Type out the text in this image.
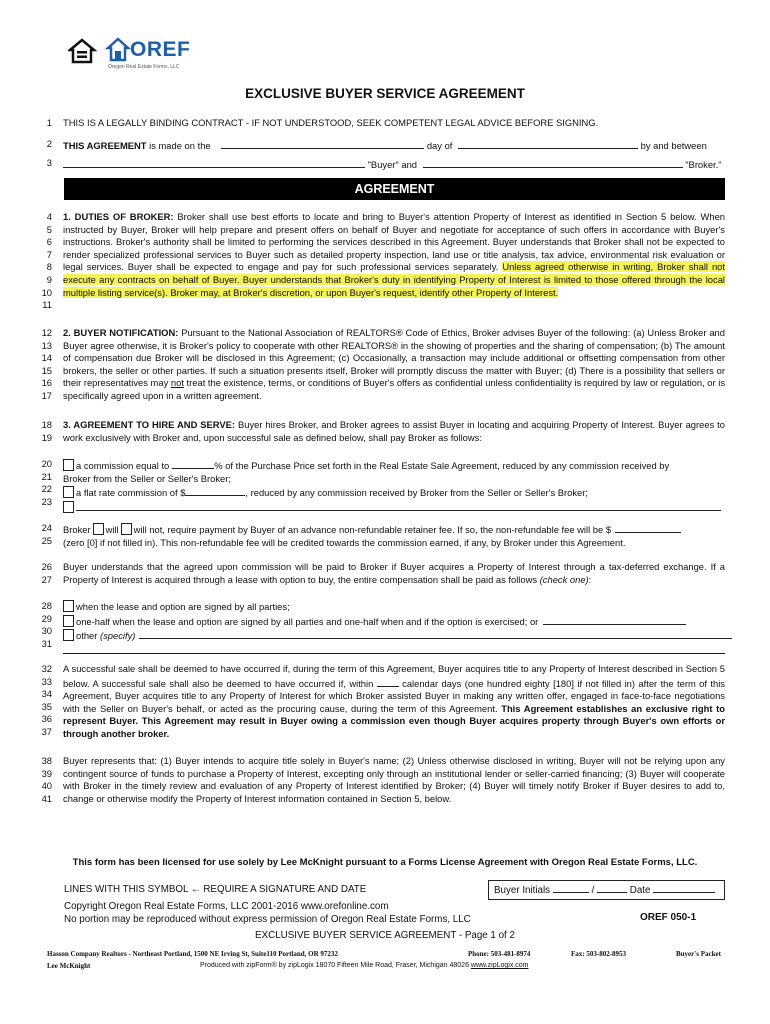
OREF
Oregon Real Estate Forms, LLC
EXCLUSIVE BUYER SERVICE AGREEMENT
1 THIS IS A LEGALLY BINDING CONTRACT - IF NOT UNDERSTOOD, SEEK COMPETENT LEGAL ADVICE BEFORE SIGNING.
2 THIS AGREEMENT is made on the	day of	by and between
3	"Buyer" and	"Broker."
AGREEMENT
4
5
6
7
8
9
10
11
1. DUTIES OF BROKER: Broker shall use best efforts to locate and bring to Buyer's attention Property of Interest as identified in Section 5 below. When instructed by Buyer, Broker will help prepare and present offers on behalf of Buyer and negotiate for acceptance of such offers in accordance with Buyer's instructions. Broker's authority shall be limited to performing the services described in this Agreement. Buyer understands that Broker shall not be expected to render specialized professional services to Buyer such as detailed property inspection, land use or title analysis, tax advice, environmental risk evaluation or legal services. Buyer shall be expected to engage and pay for such professional services separately. Unless agreed otherwise in writing, Broker shall not execute any contracts on behalf of Buyer. Buyer understands that Broker's duty in identifying Property of Interest is limited to those offered through the local multiple listing service(s). Broker may, at Broker's discretion, or upon Buyer's request, identify other Property of Interest.
12
13
14
15
16
17
2. BUYER NOTIFICATION: Pursuant to the National Association of REALTORS® Code of Ethics, Broker advises Buyer of the following: (a) Unless Broker and Buyer agree otherwise, it is Broker's policy to cooperate with other REALTORS® in the showing of properties and the sharing of compensation; (b) The amount of compensation due Broker will be disclosed in this Agreement; (c) Occasionally, a transaction may include additional or offsetting compensation from other brokers, the seller or other parties. If such a situation presents itself, Broker will promptly discuss the matter with Buyer; (d) There is a possibility that sellers or their representatives may not treat the existence, terms, or conditions of Buyer's offers as confidential unless confidentiality is required by law or regulation, or is specifically agreed upon in a written agreement.
18
19
3. AGREEMENT TO HIRE AND SERVE: Buyer hires Broker, and Broker agrees to assist Buyer in locating and acquiring Property of Interest. Buyer agrees to work exclusively with Broker and, upon successful sale as defined below, shall pay Broker as follows:
20
21
22
23
a commission equal to	% of the Purchase Price set forth in the Real Estate Sale Agreement, reduced by any commission received by
Broker from the Seller or Seller's Broker;
a flat rate commission of $	, reduced by any commission received by Broker from the Seller or Seller's Broker;
24
25
Broker will will not, require payment by Buyer of an advance non-refundable retainer fee. If so, the non-refundable fee will be $
(zero [0] if not filled in). This non-refundable fee will be credited towards the commission earned, if any, by Broker under this Agreement.
26
27
Buyer understands that the agreed upon commission will be paid to Broker if Buyer acquires a Property of Interest through a tax-deferred exchange. If a Property of Interest is acquired through a lease with option to buy, the entire compensation shall be paid as follows (check one):
28
29
30
31
when the lease and option are signed by all parties;
one-half when the lease and option are signed by all parties and one-half when and if the option is exercised; or
other (specify)
32
33
34
35
36
37
A successful sale shall be deemed to have occurred if, during the term of this Agreement, Buyer acquires title to any Property of Interest described in Section 5 below. A successful sale shall also be deemed to have occurred if, within  calendar days (one hundred eighty [180] if not filled in) after the term of this Agreement, Buyer acquires title to any Property of Interest for which Broker assisted Buyer in making any written offer, engaged in face-to-face negotiations with the Seller on Buyer's behalf, or acted as the procuring cause, during the term of this Agreement. This Agreement establishes an exclusive right to represent Buyer. This Agreement may result in Buyer owing a commission even though Buyer acquires property through Buyer's own efforts or through another broker.
38
39
40
41
Buyer represents that: (1) Buyer intends to acquire title solely in Buyer's name; (2) Unless otherwise disclosed in writing, Buyer will not be relying upon any contingent source of funds to purchase a Property of Interest, excepting only through an institutional lender or seller-carried financing; (3) Buyer will cooperate with Broker in the timely review and evaluation of any Property of Interest identified by Broker; (4) Buyer will timely notify Broker if Buyer desires to add to, change or otherwise modify the Property of Interest information contained in Section 5, below.
This form has been licensed for use solely by Lee McKnight pursuant to a Forms License Agreement with Oregon Real Estate Forms, LLC.
LINES WITH THIS SYMBOL ← REQUIRE A SIGNATURE AND DATE	Buyer Initials	/	Date
Copyright Oregon Real Estate Forms, LLC 2001-2016 www.orefonline.com
No portion may be reproduced without express permission of Oregon Real Estate Forms, LLC	OREF 050-1
EXCLUSIVE BUYER SERVICE AGREEMENT - Page 1 of 2
Hasson Company Realtors - Northeast Portland, 1500 NE Irving St, Suite110 Portland, OR 97232	Phone: 503-481-8974	Fax: 503-802-8953	Buyer's Packet
Lee McKnight	Produced with zipForm® by zipLogix 18070 Fifteen Mile Road, Fraser, Michigan 48026 www.zipLogix.com
